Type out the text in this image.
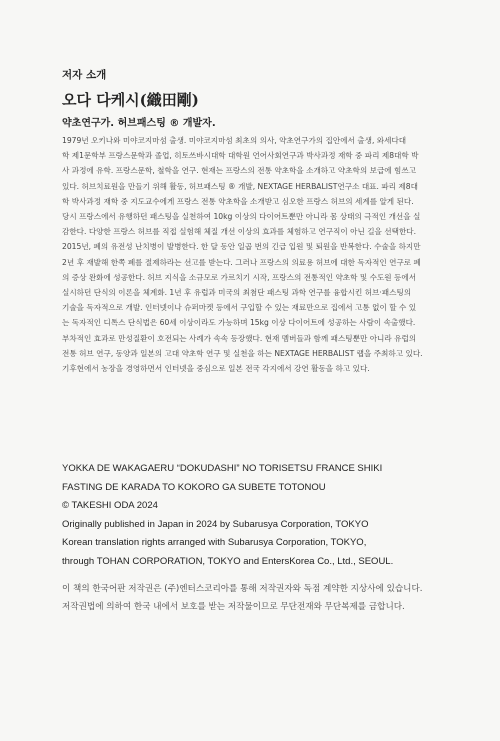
저자 소개
오다 다케시(織田剛)

약초연구가. 허브패스팅 ® 개발자.

1979년 오키나와 미야코지마섬 출생. 미야코지마섬 최초의 의사, 약초연구가의 집안에서 출생, 와세다대
학 제1문학부 프랑스문학과 졸업, 히토쓰바시대학 대학원 언어사회연구과 박사과정 재학 중 파리 제8대학 박
사 과정에 유학. 프랑스문학, 철학을 연구. 현재는 프랑스의 전통 약초학을 소개하고 약초학의 보급에 힘쓰고
있다. 허브치료원을 만들기 위해 활동, 허브패스팅 ® 개발, NEXTAGE HERBALIST연구소 대표. 파리 제8대
학 박사과정 재학 중 지도교수에게 프랑스 전통 약초학을 소개받고 심오한 프랑스 허브의 세계를 알게 된다.
당시 프랑스에서 유행하던 패스팅을 실천하여 10kg 이상의 다이어트뿐만 아니라 몸 상태의 극적인 개선을 실
감한다. 다양한 프랑스 허브를 직접 실험해 체질 개선 이상의 효과를 체험하고 연구직이 아닌 길을 선택한다.
2015년, 폐의 유전성 난치병이 발병한다. 한 달 동안 일곱 번의 긴급 입원 및 퇴원을 반복한다. 수술을 하지만
2년 후 재발해 한쪽 폐를 절제하라는 선고를 받는다. 그러나 프랑스의 의료용 허브에 대한 독자적인 연구로 폐
의 증상 완화에 성공한다. 허브 지식을 소규모로 가르치기 시작, 프랑스의 전통적인 약초학 및 수도원 등에서
실시하던 단식의 이론을 체계화. 1년 후 유럽과 미국의 최첨단 패스팅 과학 연구를 융합시킨 허브·패스팅의
기술을 독자적으로 개발. 인터넷이나 슈퍼마켓 등에서 구입할 수 있는 재료만으로 집에서 고통 없이 할 수 있
는 독자적인 디톡스 단식법은 60세 이상이라도 가능하며 15kg 이상 다이어트에 성공하는 사람이 속출했다.
부차적인 효과로 만성질환이 호전되는 사례가 속속 등장했다. 현재 멤버들과 함께 패스팅뿐만 아니라 유럽의
전통 허브 연구, 동양과 일본의 고대 약초학 연구 및 실천을 하는 NEXTAGE HERBALIST 랩을 주최하고 있다.
기후현에서 농장을 경영하면서 인터넷을 중심으로 일본 전국 각지에서 강연 활동을 하고 있다.
YOKKA DE WAKAGAERU “DOKUDASHI” NO TORISETSU FRANCE SHIKI
FASTING DE KARADA TO KOKORO GA SUBETE TOTONOU
© TAKESHI ODA 2024
Originally published in Japan in 2024 by Subarusya Corporation, TOKYO
Korean translation rights arranged with Subarusya Corporation, TOKYO,
through TOHAN CORPORATION, TOKYO and EntersKorea Co., Ltd., SEOUL.
이 책의 한국어판 저작권은 (주)엔터스코리아를 통해 저작권자와 독점 계약한 지상사에 있습니다.
저작권법에 의하여 한국 내에서 보호를 받는 저작물이므로 무단전재와 무단복제를 금합니다.
